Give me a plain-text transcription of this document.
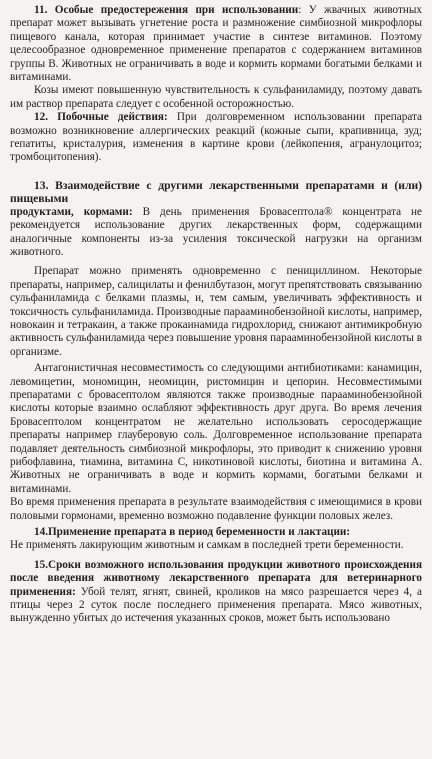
11. Особые предостережения при использовании: У жвачных животных препарат может вызывать угнетение роста и размножение симбиозной микрофлоры пищевого канала, которая принимает участие в синтезе витаминов. Поэтому целесообразное одновременное применение препаратов с содержанием витаминов группы В. Животных не ограничивать в воде и кормить кормами богатыми белками и витаминами.

Козы имеют повышенную чувствительность к сульфаниламиду, поэтому давать им раствор препарата следует с особенной осторожностью.

12. Побочные действия: При долговременном использовании препарата возможно возникновение аллергических реакций (кожные сыпи, крапивница, зуд; гепатиты, кристалурия, изменения в картине крови (лейкопения, агранулоцитоз; тромбоцитопения).

13. Взаимодействие с другими лекарственными препаратами и (или) пищевыми

продуктами, кормами: В день применения Бровасептола® концентрата не рекомендуется использование других лекарственных форм, содержащими аналогичные компоненты из-за усиления токсической нагрузки на организм животного.

Препарат можно применять одновременно с пенициллином. Некоторые препараты, например, салицилаты и фенилбутазон, могут препятствовать связыванию сульфаниламида с белками плазмы, и, тем самым, увеличивать эффективность и токсичность сульфаниламида. Производные парааминобензойной кислоты, например, новокаин и тетракаин, а также прокаинамида гидрохлорид, снижают антимикробную активность сульфаниламида через повышение уровня парааминобензойной кислоты в организме.

Антагонистичная несовместимость со следующими антибиотиками: канамицин, левомицетин, мономицин, неомицин, ристомицин и цепорин. Несовместимыми препаратами с бровасептолом являются также производные парааминобензойной кислоты которые взаимно ослабляют эффективность друг друга. Во время лечения Бровасептолом концентратом не желательно использовать серосодержащие препараты например глауберовую соль. Долговременное использование препарата подавляет деятельность симбиозной микрофлоры, это приводит к снижению уровня рибофлавина, тиамина, витамина С, никотиновой кислоты, биотина и витамина А. Животных не ограничивать в воде и кормить кормами, богатыми белками и витаминами.

Во время применения препарата в результате взаимодействия с имеющимися в крови половыми гормонами, временно возможно подавление функции половых желез.

14.Применение препарата в период беременности и лактации:

Не применять лакирующим животным и самкам в последней трети беременности.

15.Сроки возможного использования продукции животного происхождения после введения животному лекарственного препарата для ветеринарного применения: Убой телят, ягнят, свиней, кроликов на мясо разрешается через 4, а птицы через 2 суток после последнего применения препарата. Мясо животных, вынужденно убитых до истечения указанных сроков, может быть использовано
